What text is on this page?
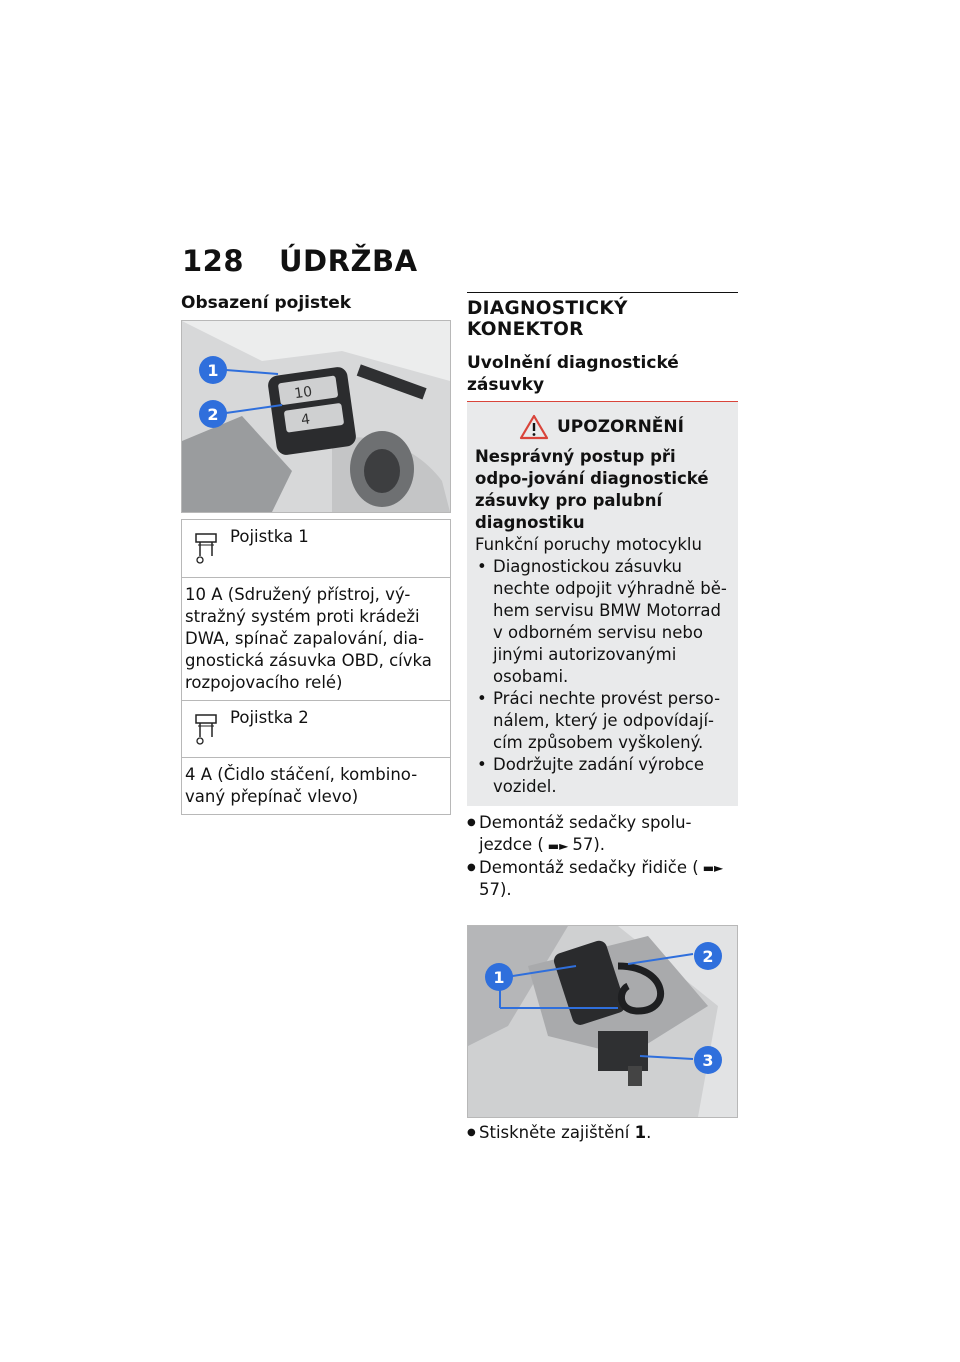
128 ÚDRŽBA
Obsazení pojistek
10
4
1
2
Pojistka 1
10 A (Sdružený přístroj, vý-stražný systém proti krádeži DWA, spínač zapalování, dia-gnostická zásuvka OBD, cívka rozpojovacího relé)
Pojistka 2
4 A (Čidlo stáčení, kombino-vaný přepínač vlevo)
DIAGNOSTICKÝ KONEKTOR
Uvolnění diagnostické zásuvky
UPOZORNĚNÍ
Nesprávný postup při odpo-jování diagnostické zásuvky pro palubní diagnostiku
Funkční poruchy motocyklu
• Diagnostickou zásuvku nechte odpojit výhradně bě-hem servisu BMW Motorrad v odborném servisu nebo jinými autorizovanými osobami.
• Práci nechte provést perso-nálem, který je odpovídají-cím způsobem vyškolený.
• Dodržujte zadání výrobce vozidel.
● Demontáž sedačky spolu-jezdce ( ▬► 57).
● Demontáž sedačky řidiče ( ▬►57).
1
2
3
● Stiskněte zajištění 1.
